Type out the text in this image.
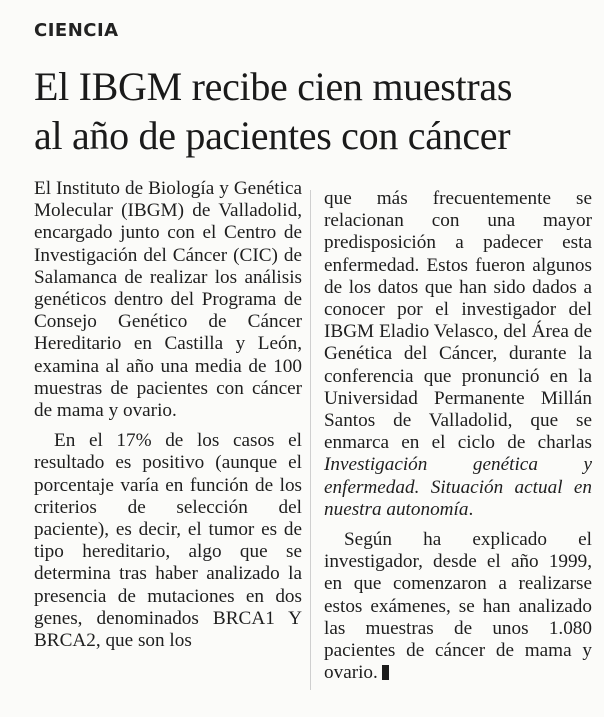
CIENCIA
El IBGM recibe cien muestras
al año de pacientes con cáncer

El Instituto de Biología y Genética Molecular (IBGM) de Valladolid, encargado junto con el Centro de Investigación del Cáncer (CIC) de Salamanca de realizar los análisis genéticos dentro del Programa de Consejo Genético de Cáncer Hereditario en Castilla y León, examina al año una media de 100 muestras de pacientes con cáncer de mama y ovario.

En el 17% de los casos el resultado es positivo (aunque el porcentaje varía en función de los criterios de selección del paciente), es decir, el tumor es de tipo hereditario, algo que se determina tras haber analizado la presencia de mutaciones en dos genes, denominados BRCA1 Y BRCA2, que son los

que más frecuentemente se relacionan con una mayor predisposición a padecer esta enfermedad. Estos fueron algunos de los datos que han sido dados a conocer por el investigador del IBGM Eladio Velasco, del Área de Genética del Cáncer, durante la conferencia que pronunció en la Universidad Permanente Millán Santos de Valladolid, que se enmarca en el ciclo de charlas Investigación genética y enfermedad. Situación actual en nuestra autonomía.

Según ha explicado el investigador, desde el año 1999, en que comenzaron a realizarse estos exámenes, se han analizado las muestras de unos 1.080 pacientes de cáncer de mama y ovario.
